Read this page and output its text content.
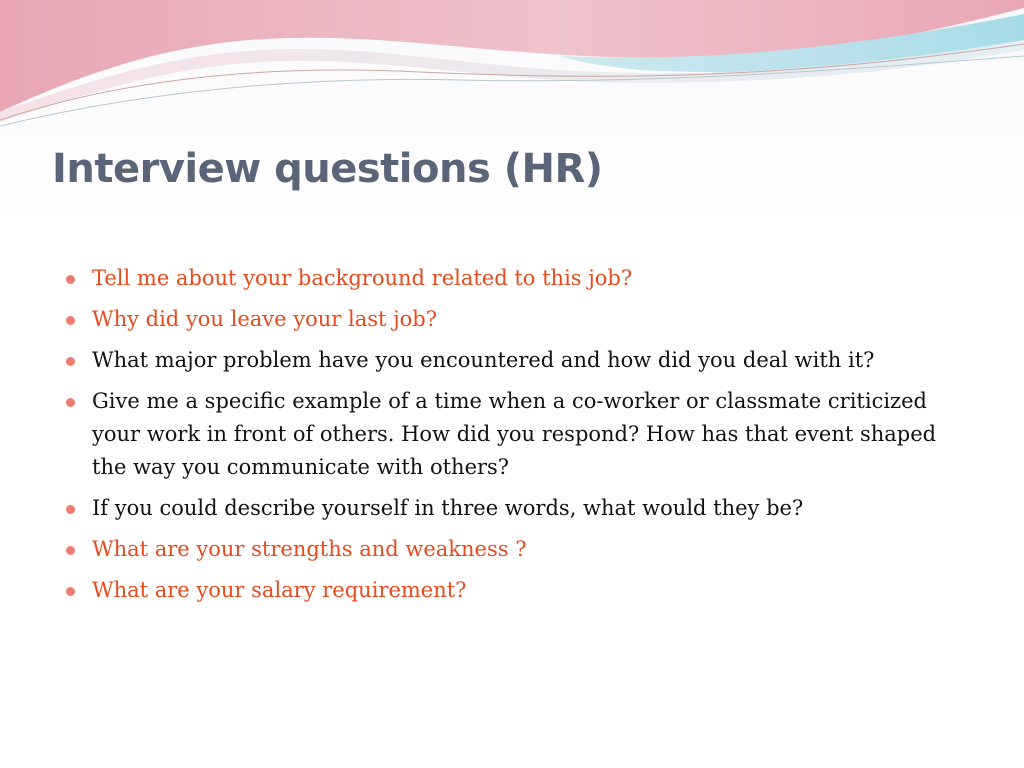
Interview questions (HR)
Tell me about your background related to this job?
Why did you leave your last job?
What major problem have you encountered and how did you deal with it?
Give me a specific example of a time when a co-worker or classmate criticized your work in front of others. How did you respond? How has that event shaped the way you communicate with others?
If you could describe yourself in three words, what would they be?
What are your strengths and weakness ?
What are your salary requirement?
